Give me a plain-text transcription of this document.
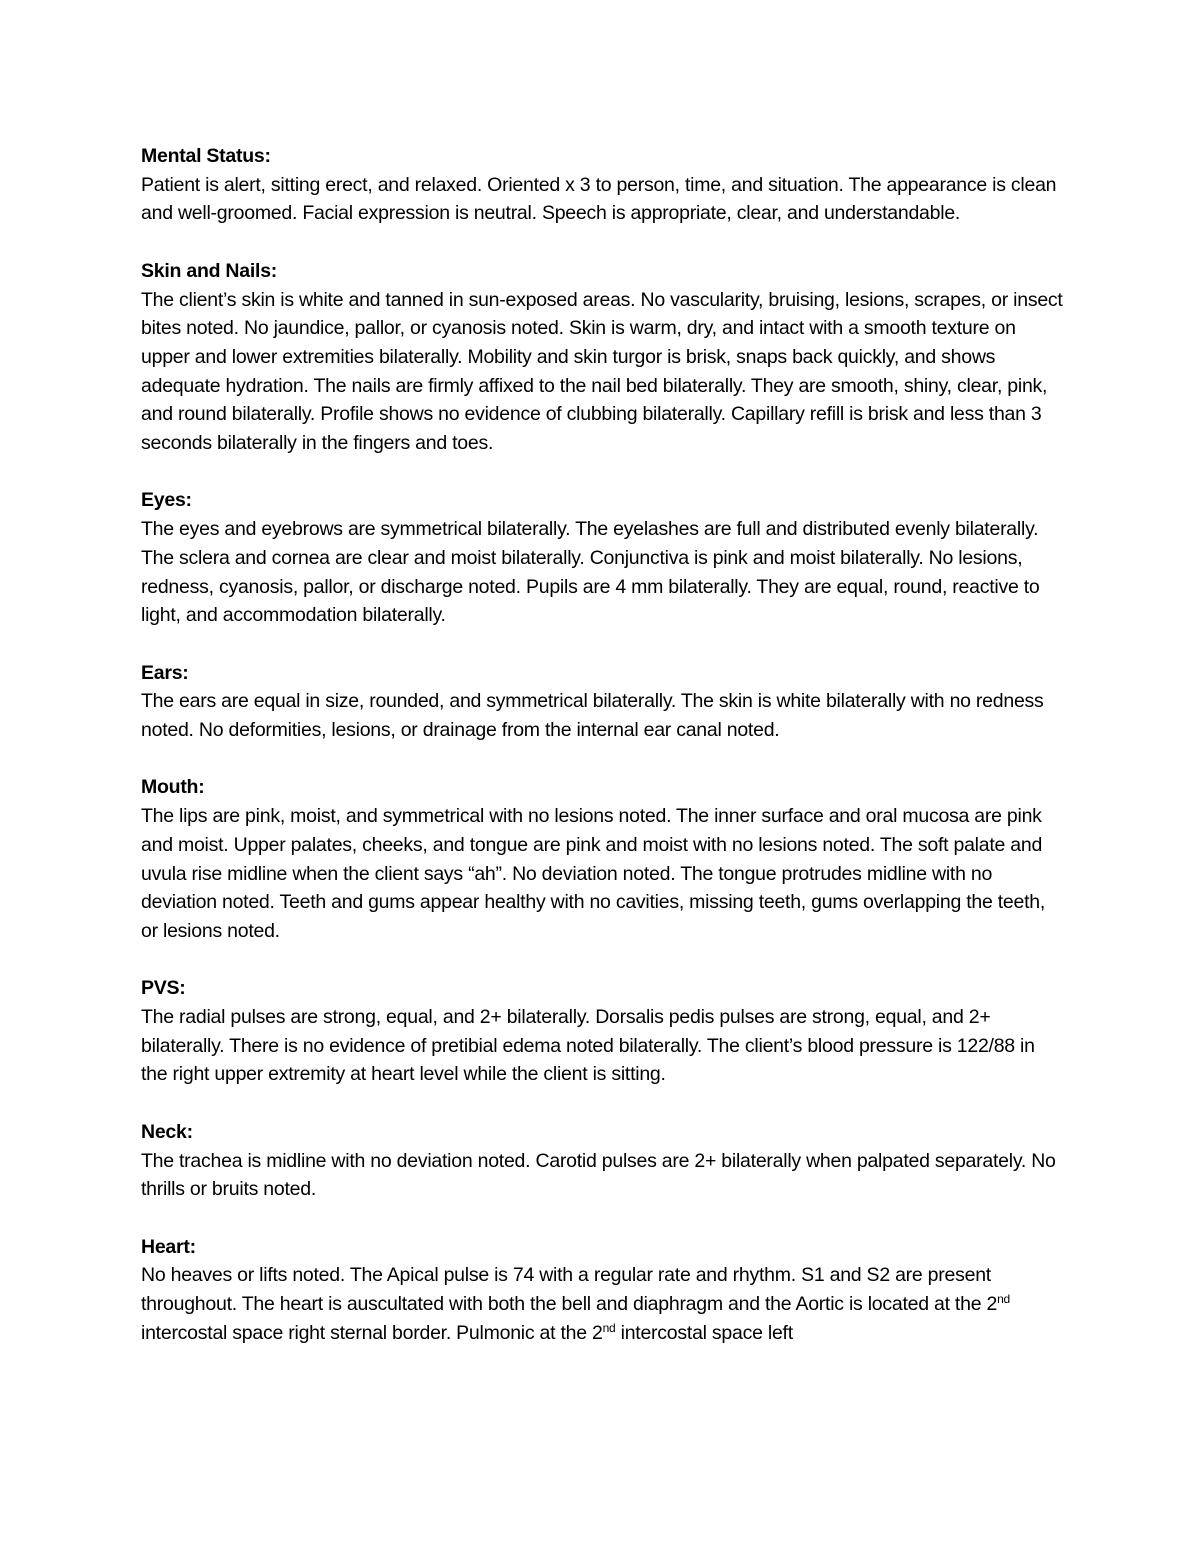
Mental Status:

Patient is alert, sitting erect, and relaxed. Oriented x 3 to person, time, and situation. The appearance is clean and well-groomed. Facial expression is neutral. Speech is appropriate, clear, and understandable.

Skin and Nails:

The client’s skin is white and tanned in sun-exposed areas. No vascularity, bruising, lesions, scrapes, or insect bites noted. No jaundice, pallor, or cyanosis noted. Skin is warm, dry, and intact with a smooth texture on upper and lower extremities bilaterally. Mobility and skin turgor is brisk, snaps back quickly, and shows adequate hydration. The nails are firmly affixed to the nail bed bilaterally. They are smooth, shiny, clear, pink, and round bilaterally. Profile shows no evidence of clubbing bilaterally. Capillary refill is brisk and less than 3 seconds bilaterally in the fingers and toes.

Eyes:

The eyes and eyebrows are symmetrical bilaterally. The eyelashes are full and distributed evenly bilaterally. The sclera and cornea are clear and moist bilaterally. Conjunctiva is pink and moist bilaterally. No lesions, redness, cyanosis, pallor, or discharge noted. Pupils are 4 mm bilaterally. They are equal, round, reactive to light, and accommodation bilaterally.

Ears:

The ears are equal in size, rounded, and symmetrical bilaterally. The skin is white bilaterally with no redness noted. No deformities, lesions, or drainage from the internal ear canal noted.

Mouth:

The lips are pink, moist, and symmetrical with no lesions noted. The inner surface and oral mucosa are pink and moist. Upper palates, cheeks, and tongue are pink and moist with no lesions noted. The soft palate and uvula rise midline when the client says “ah”. No deviation noted. The tongue protrudes midline with no deviation noted. Teeth and gums appear healthy with no cavities, missing teeth, gums overlapping the teeth, or lesions noted.

PVS:

The radial pulses are strong, equal, and 2+ bilaterally. Dorsalis pedis pulses are strong, equal, and 2+ bilaterally. There is no evidence of pretibial edema noted bilaterally. The client’s blood pressure is 122/88 in the right upper extremity at heart level while the client is sitting.

Neck:

The trachea is midline with no deviation noted. Carotid pulses are 2+ bilaterally when palpated separately. No thrills or bruits noted.

Heart:

No heaves or lifts noted. The Apical pulse is 74 with a regular rate and rhythm. S1 and S2 are present throughout. The heart is auscultated with both the bell and diaphragm and the Aortic is located at the 2nd intercostal space right sternal border. Pulmonic at the 2nd intercostal space left
